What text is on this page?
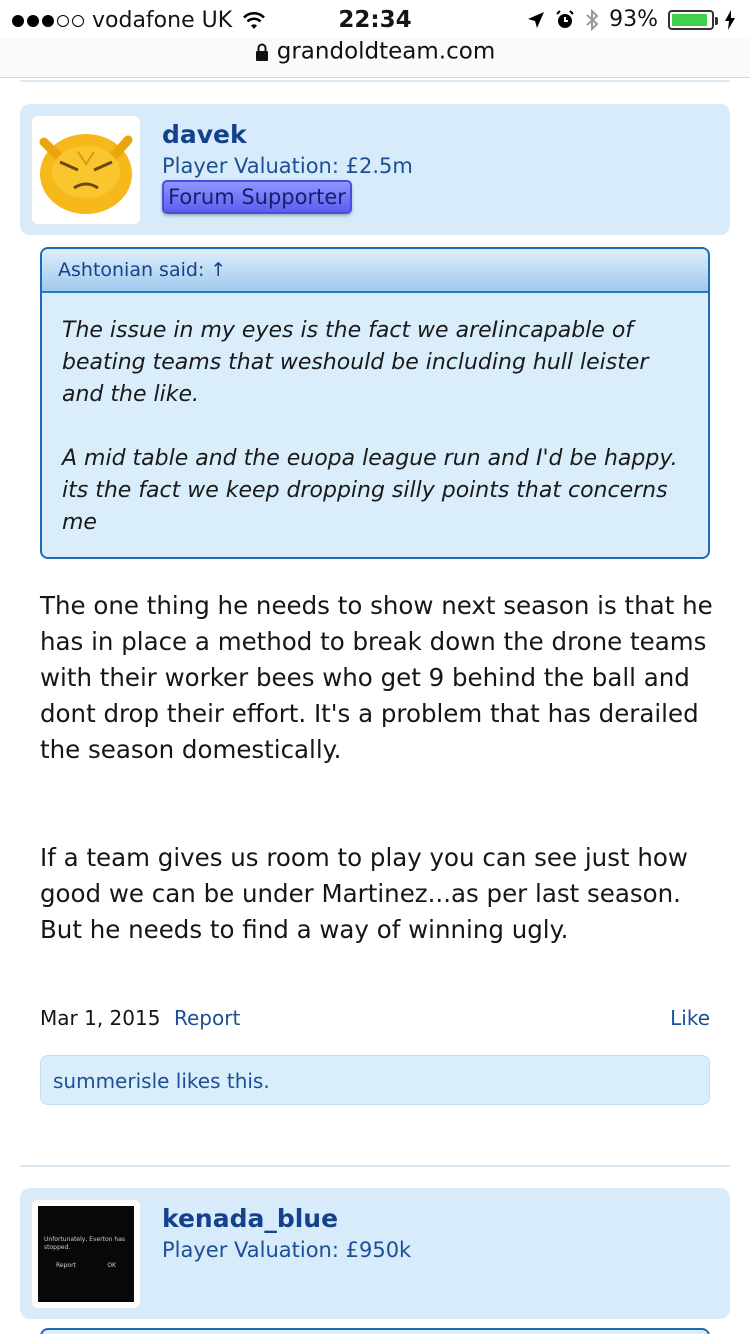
vodafone UK	22:34	93%
grandoldteam.com
davek
Player Valuation: £2.5m
Forum Supporter
Ashtonian said: ↑

The issue in my eyes is the fact we areIincapable of beating teams that weshould be including hull leister and the like.

A mid table and the euopa league run and I'd be happy. its the fact we keep dropping silly points that concerns me

The one thing he needs to show next season is that he has in place a method to break down the drone teams with their worker bees who get 9 behind the ball and dont drop their effort. It's a problem that has derailed the season domestically.
If a team gives us room to play you can see just how good we can be under Martinez...as per last season. But he needs to find a way of winning ugly.
Mar 1, 2015 Report	Like
summerisle likes this.
Unfortunately, Everton has stopped.
Report	OK
kenada_blue
Player Valuation: £950k
